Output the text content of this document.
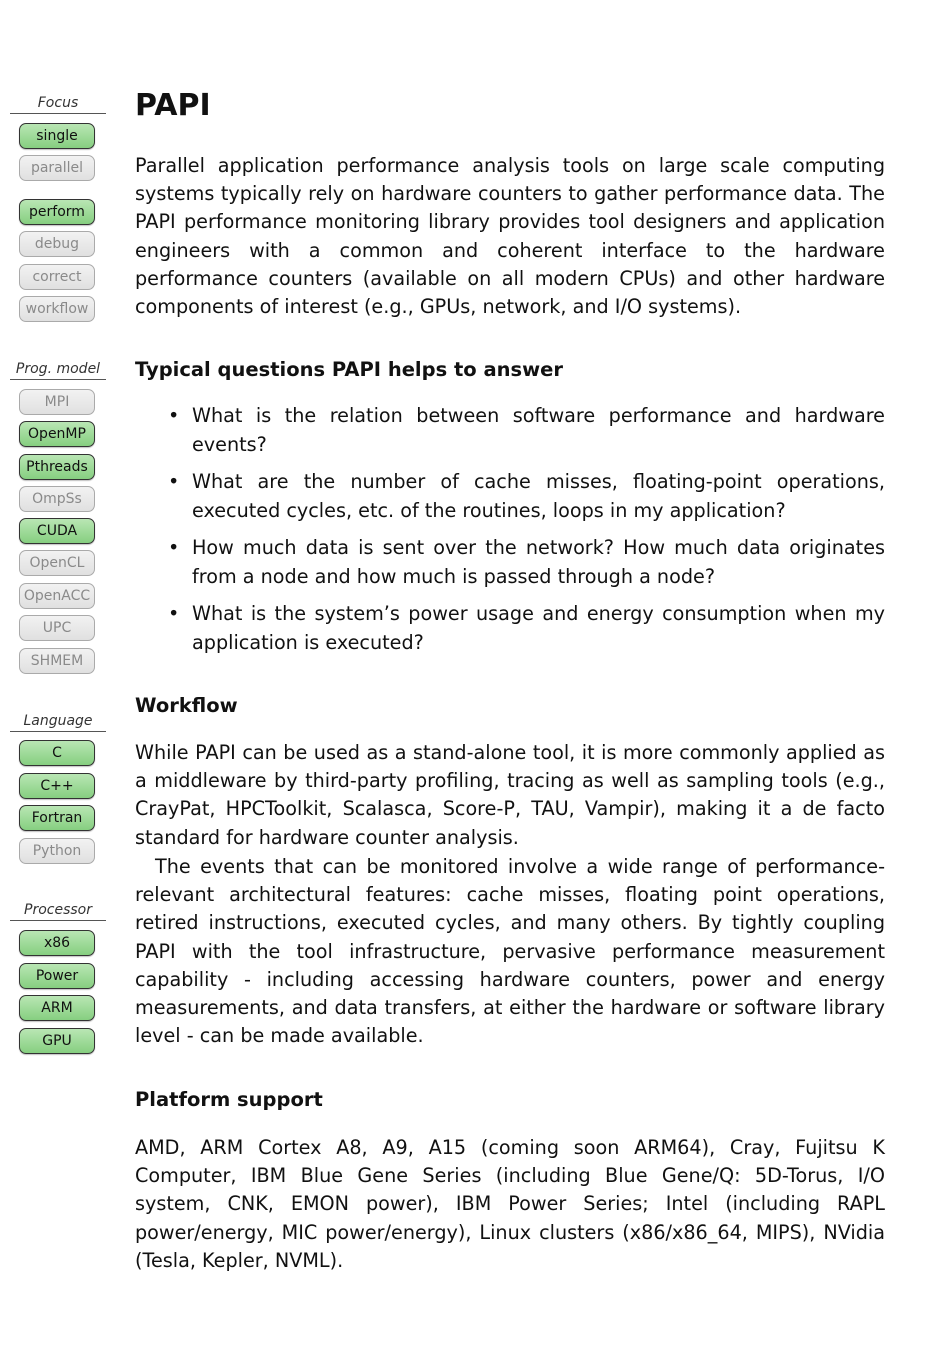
Focus
single
parallel
perform
debug
correct
workflow
Prog. model
MPI
OpenMP
Pthreads
OmpSs
CUDA
OpenCL
OpenACC
UPC
SHMEM
Language
C
C++
Fortran
Python
Processor
x86
Power
ARM
GPU
PAPI

Parallel application performance analysis tools on large scale computing systems typically rely on hardware counters to gather performance data. The PAPI performance monitoring library provides tool designers and application engineers with a common and coherent interface to the hardware performance counters (available on all modern CPUs) and other hardware components of interest (e.g., GPUs, network, and I/O systems).

Typical questions PAPI helps to answer
• What is the relation between software performance and hardware events?
• What are the number of cache misses, floating-point operations, executed cycles, etc. of the routines, loops in my application?
• How much data is sent over the network? How much data originates from a node and how much is passed through a node?
• What is the system’s power usage and energy consumption when my application is executed?
Workflow

While PAPI can be used as a stand-alone tool, it is more commonly applied as a middleware by third-party profiling, tracing as well as sampling tools (e.g., CrayPat, HPCToolkit, Scalasca, Score-P, TAU, Vampir), making it a de facto standard for hardware counter analysis.

The events that can be monitored involve a wide range of performance-relevant architectural features: cache misses, floating point operations, retired instructions, executed cycles, and many others. By tightly coupling PAPI with the tool infrastructure, pervasive performance measurement capability - including accessing hardware counters, power and energy measurements, and data transfers, at either the hardware or software library level - can be made available.

Platform support

AMD, ARM Cortex A8, A9, A15 (coming soon ARM64), Cray, Fujitsu K Computer, IBM Blue Gene Series (including Blue Gene/Q: 5D-Torus, I/O system, CNK, EMON power), IBM Power Series; Intel (including RAPL power/energy, MIC power/energy), Linux clusters (x86/x86_64, MIPS), NVidia (Tesla, Kepler, NVML).
